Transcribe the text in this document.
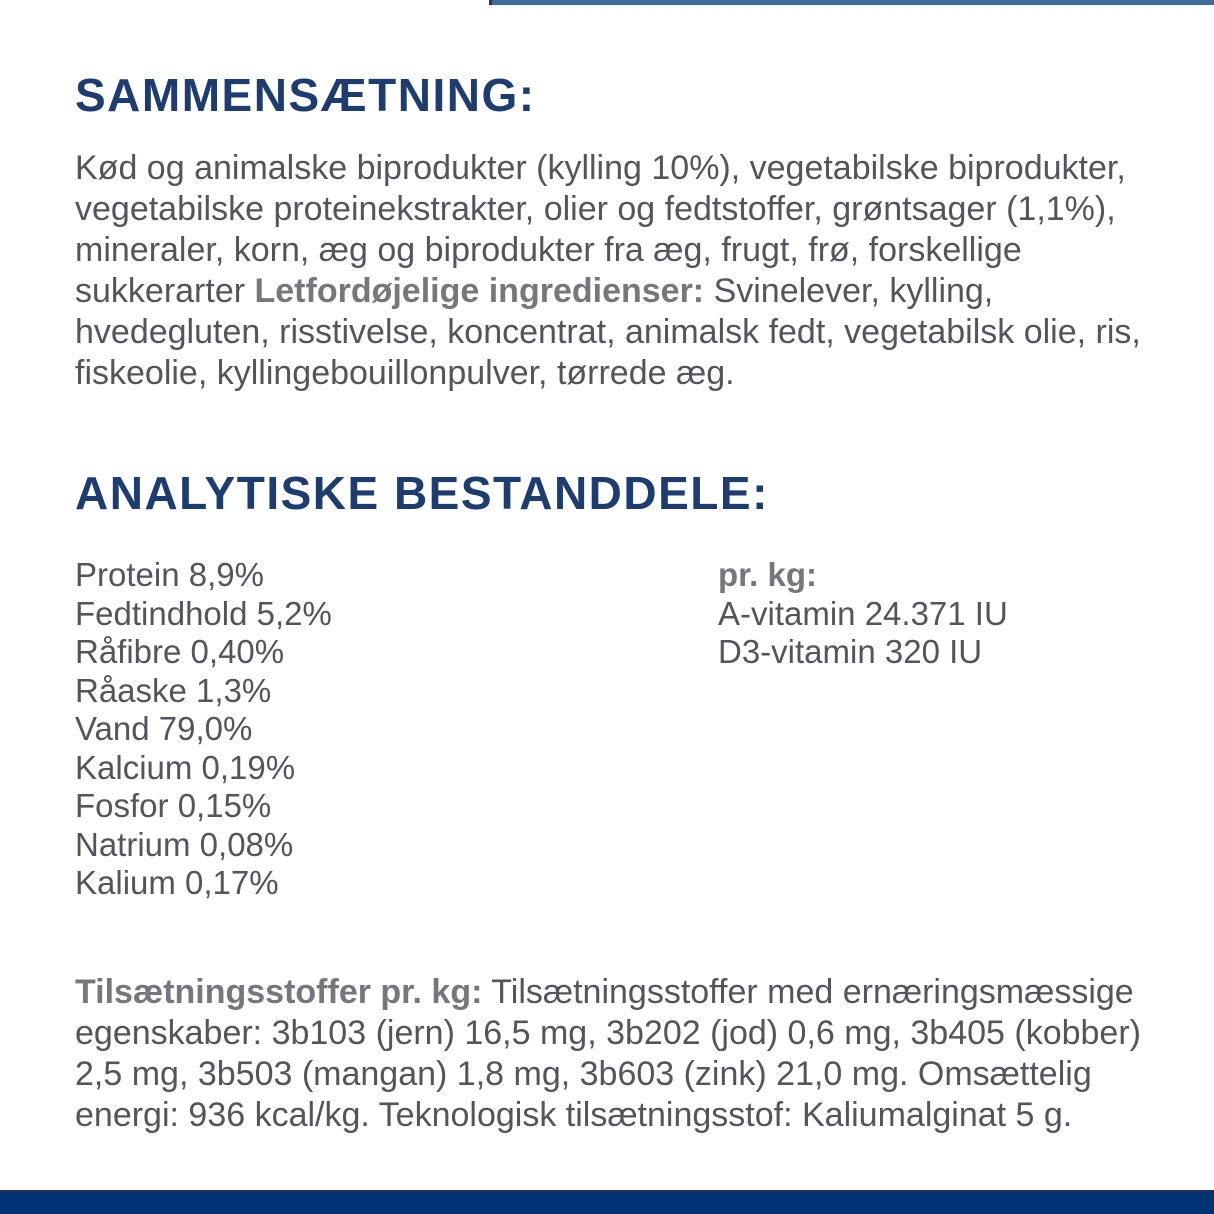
SAMMENSÆTNING:

Kød og animalske biprodukter (kylling 10%), vegetabilske biprodukter, vegetabilske proteinekstrakter, olier og fedtstoffer, grøntsager (1,1%), mineraler, korn, æg og biprodukter fra æg, frugt, frø, forskellige sukkerarter Letfordøjelige ingredienser: Svinelever, kylling, hvedegluten, risstivelse, koncentrat, animalsk fedt, vegetabilsk olie, ris, fiskeolie, kyllingebouillonpulver, tørrede æg.

ANALYTISKE BESTANDDELE:
Protein 8,9%
Fedtindhold 5,2%
Råfibre 0,40%
Råaske 1,3%
Vand 79,0%
Kalcium 0,19%
Fosfor 0,15%
Natrium 0,08%
Kalium 0,17%
pr. kg:
A-vitamin 24.371 IU
D3-vitamin 320 IU

Tilsætningsstoffer pr. kg: Tilsætningsstoffer med ernæringsmæssige egenskaber: 3b103 (jern) 16,5 mg, 3b202 (jod) 0,6 mg, 3b405 (kobber) 2,5 mg, 3b503 (mangan) 1,8 mg, 3b603 (zink) 21,0 mg. Omsættelig energi: 936 kcal/kg. Teknologisk tilsætningsstof: Kaliumalginat 5 g.
